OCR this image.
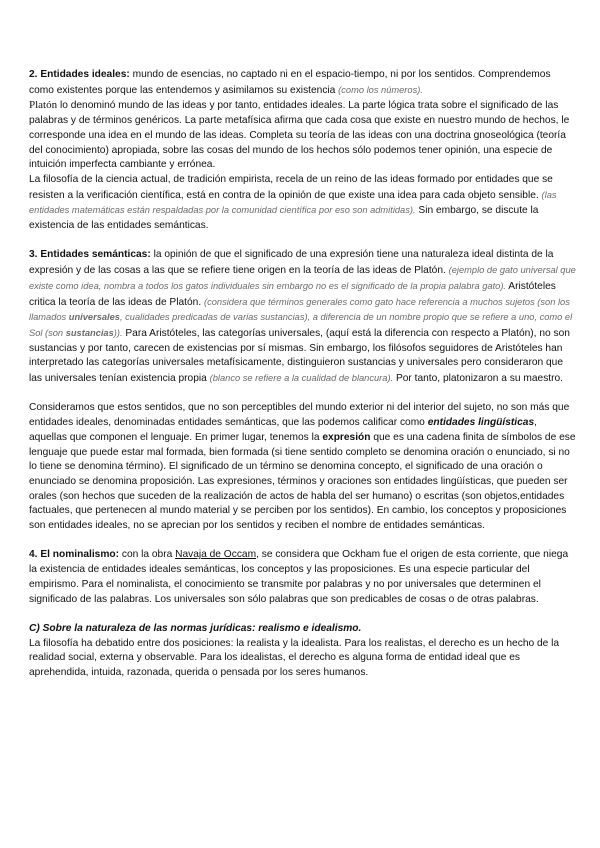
2. Entidades ideales: mundo de esencias, no captado ni en el espacio-tiempo, ni por los sentidos. Comprendemos como existentes porque las entendemos y asimilamos su existencia (como los números).
Platón lo denominó mundo de las ideas y por tanto, entidades ideales. La parte lógica trata sobre el significado de las palabras y de términos genéricos. La parte metafísica afirma que cada cosa que existe en nuestro mundo de hechos, le corresponde una idea en el mundo de las ideas. Completa su teoría de las ideas con una doctrina gnoseológica (teoría del conocimiento) apropiada, sobre las cosas del mundo de los hechos sólo podemos tener opinión, una especie de intuición imperfecta cambiante y errónea.

La filosofía de la ciencia actual, de tradición empirista, recela de un reino de las ideas formado por entidades que se resisten a la verificación científica, está en contra de la opinión de que existe una idea para cada objeto sensible. (las entidades matemáticas están respaldadas por la comunidad científica por eso son admitidas). Sin embargo, se discute la existencia de las entidades semánticas.

3. Entidades semánticas: la opinión de que el significado de una expresión tiene una naturaleza ideal distinta de la expresión y de las cosas a las que se refiere tiene origen en la teoría de las ideas de Platón. (ejemplo de gato universal que existe como idea, nombra a todos los gatos individuales sin embargo no es el significado de la propia palabra gato). Aristóteles critica la teoría de las ideas de Platón. (considera que términos generales como gato hace referencia a muchos sujetos (son los llamados universales, cualidades predicadas de varias sustancias), a diferencia de un nombre propio que se refiere a uno, como el Sol (son sustancias)). Para Aristóteles, las categorías universales, (aquí está la diferencia con respecto a Platón), no son sustancias y por tanto, carecen de existencias por sí mismas. Sin embargo, los filósofos seguidores de Aristóteles han interpretado las categorías universales metafísicamente, distinguieron sustancias y universales pero consideraron que las universales tenían existencia propia (blanco se refiere a la cualidad de blancura). Por tanto, platonizaron a su maestro.

Consideramos que estos sentidos, que no son perceptibles del mundo exterior ni del interior del sujeto, no son más que entidades ideales, denominadas entidades semánticas, que las podemos calificar como entidades lingüísticas, aquellas que componen el lenguaje. En primer lugar, tenemos la expresión que es una cadena finita de símbolos de ese lenguaje que puede estar mal formada, bien formada (si tiene sentido completo se denomina oración o enunciado, si no lo tiene se denomina término). El significado de un término se denomina concepto, el significado de una oración o enunciado se denomina proposición. Las expresiones, términos y oraciones son entidades lingüísticas, que pueden ser orales (son hechos que suceden de la realización de actos de habla del ser humano) o escritas (son objetos,entidades factuales, que pertenecen al mundo material y se perciben por los sentidos). En cambio, los conceptos y proposiciones son entidades ideales, no se aprecian por los sentidos y reciben el nombre de entidades semánticas.

4. El nominalismo: con la obra Navaja de Occam, se considera que Ockham fue el origen de esta corriente, que niega la existencia de entidades ideales semánticas, los conceptos y las proposiciones. Es una especie particular del empirismo. Para el nominalista, el conocimiento se transmite por palabras y no por universales que determinen el significado de las palabras. Los universales son sólo palabras que son predicables de cosas o de otras palabras.

C) Sobre la naturaleza de las normas jurídicas: realismo e idealismo.

La filosofía ha debatido entre dos posiciones: la realista y la idealista. Para los realistas, el derecho es un hecho de la realidad social, externa y observable. Para los idealistas, el derecho es alguna forma de entidad ideal que es aprehendida, intuida, razonada, querida o pensada por los seres humanos.
